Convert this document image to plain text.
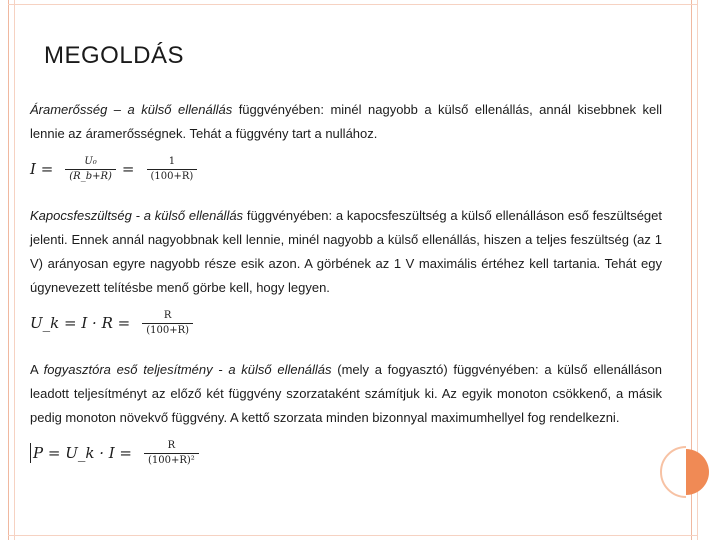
MEGOLDÁS

Áramerősség – a külső ellenállás függvényében: minél nagyobb a külső ellenállás, annál kisebbnek kell lennie az áramerősségnek. Tehát a függvény tart a nullához.

$I = \frac{\text{U₀}}{(R\_b+R)} = \frac{1}{(100+R)}$

Kapocsfeszültség - a külső ellenállás függvényében: a kapocsfeszültség a külső ellenálláson eső feszültséget jelenti. Ennek annál nagyobbnak kell lennie, minél nagyobb a külső ellenállás, hiszen a teljes feszültség (az 1 V) arányosan egyre nagyobb része esik azon. A görbének az 1 V maximális értéhez kell tartania. Tehát egy úgynevezett telítésbe menő görbe kell, hogy legyen.

U_k = $I \cdot R = \frac{R}{(100+R)}$

A fogyasztóra eső teljesítmény - a külső ellenállás (mely a fogyasztó) függvényében: a külső ellenálláson leadott teljesítményt az előző két függvény szorzataként számítjuk ki. Az egyik monoton csökkenő, a másik pedig monoton növekvő függvény. A kettő szorzata minden bizonnyal maximumhellyel fog rendelkezni.

P = U_k · $I = \frac{R}{\text{(100+R)²}}$
